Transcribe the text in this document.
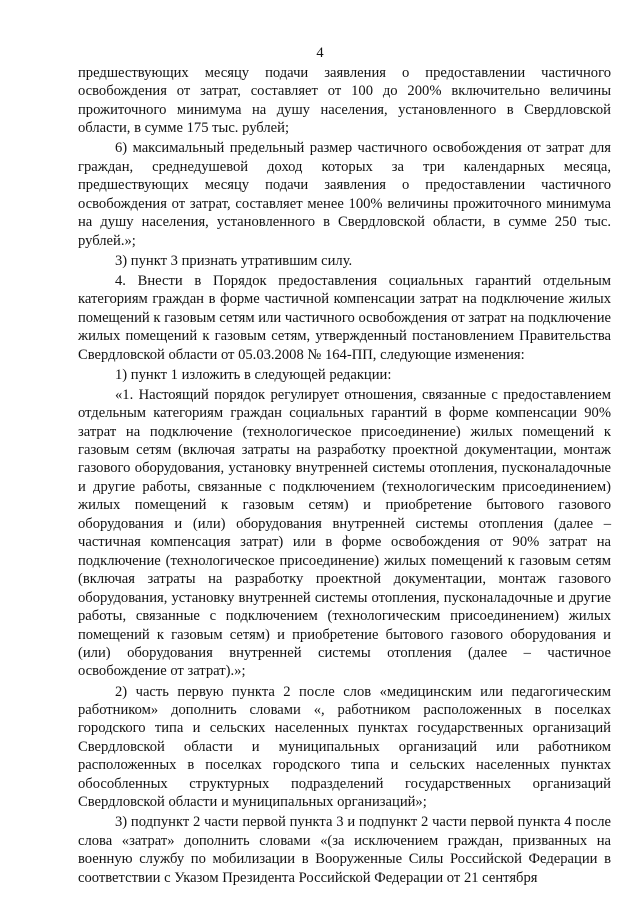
4

предшествующих месяцу подачи заявления о предоставлении частичного освобождения от затрат, составляет от 100 до 200% включительно величины прожиточного минимума на душу населения, установленного в Свердловской области, в сумме 175 тыс. рублей;

6) максимальный предельный размер частичного освобождения от затрат для граждан, среднедушевой доход которых за три календарных месяца, предшествующих месяцу подачи заявления о предоставлении частичного освобождения от затрат, составляет менее 100% величины прожиточного минимума на душу населения, установленного в Свердловской области, в сумме 250 тыс. рублей.»;

3) пункт 3 признать утратившим силу.

4. Внести в Порядок предоставления социальных гарантий отдельным категориям граждан в форме частичной компенсации затрат на подключение жилых помещений к газовым сетям или частичного освобождения от затрат на подключение жилых помещений к газовым сетям, утвержденный постановлением Правительства Свердловской области от 05.03.2008 № 164-ПП, следующие изменения:

1) пункт 1 изложить в следующей редакции:

«1. Настоящий порядок регулирует отношения, связанные с предоставлением отдельным категориям граждан социальных гарантий в форме компенсации 90% затрат на подключение (технологическое присоединение) жилых помещений к газовым сетям (включая затраты на разработку проектной документации, монтаж газового оборудования, установку внутренней системы отопления, пусконаладочные и другие работы, связанные с подключением (технологическим присоединением) жилых помещений к газовым сетям) и приобретение бытового газового оборудования и (или) оборудования внутренней системы отопления (далее – частичная компенсация затрат) или в форме освобождения от 90% затрат на подключение (технологическое присоединение) жилых помещений к газовым сетям (включая затраты на разработку проектной документации, монтаж газового оборудования, установку внутренней системы отопления, пусконаладочные и другие работы, связанные с подключением (технологическим присоединением) жилых помещений к газовым сетям) и приобретение бытового газового оборудования и (или) оборудования внутренней системы отопления (далее – частичное освобождение от затрат).»;

2) часть первую пункта 2 после слов «медицинским или педагогическим работником» дополнить словами «, работником расположенных в поселках городского типа и сельских населенных пунктах государственных организаций Свердловской области и муниципальных организаций или работником расположенных в поселках городского типа и сельских населенных пунктах обособленных структурных подразделений государственных организаций Свердловской области и муниципальных организаций»;

3) подпункт 2 части первой пункта 3 и подпункт 2 части первой пункта 4 после слова «затрат» дополнить словами «(за исключением граждан, призванных на военную службу по мобилизации в Вооруженные Силы Российской Федерации в соответствии с Указом Президента Российской Федерации от 21 сентября
